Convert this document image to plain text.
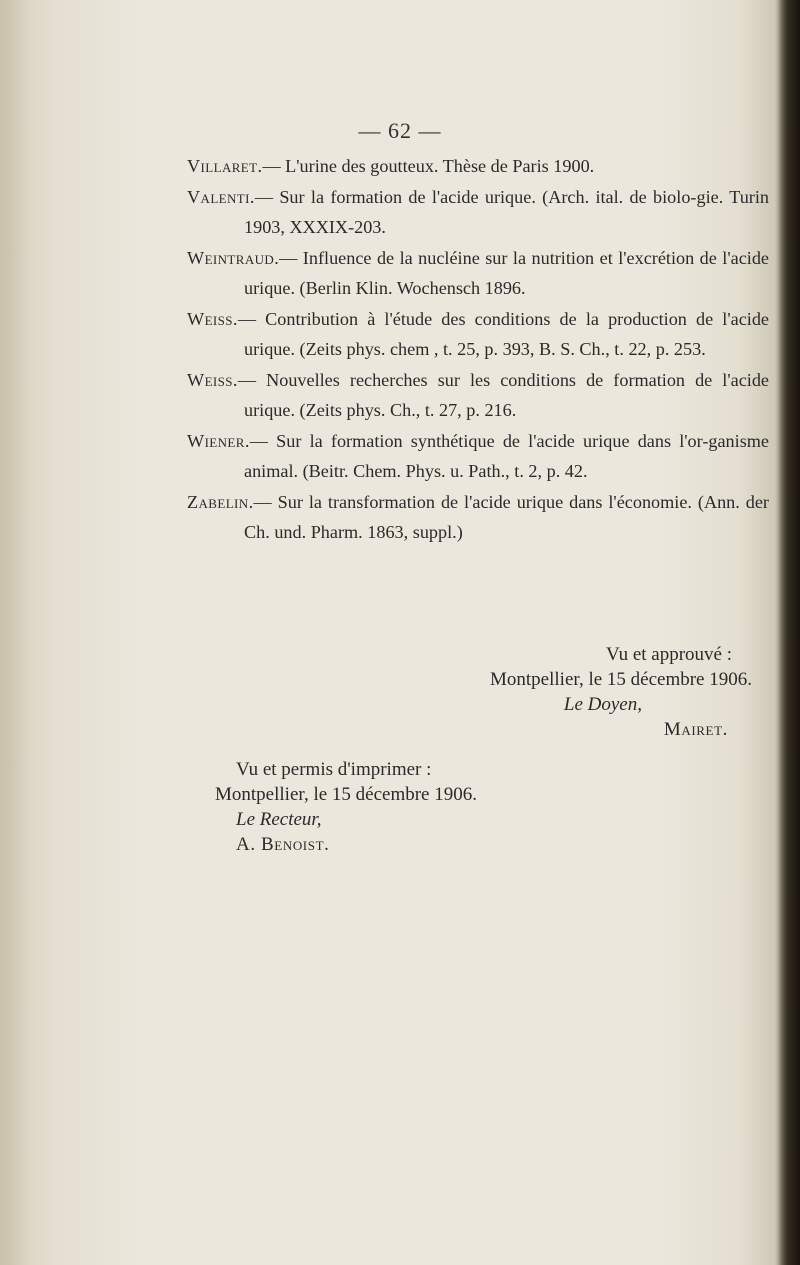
— 62 —

Villaret.— L'urine des goutteux. Thèse de Paris 1900.

Valenti.— Sur la formation de l'acide urique. (Arch. ital. de biolo-gie. Turin 1903, XXXIX-203.

Weintraud.— Influence de la nucléine sur la nutrition et l'excrétion de l'acide urique. (Berlin Klin. Wochensch 1896.

Weiss.— Contribution à l'étude des conditions de la production de l'acide urique. (Zeits phys. chem , t. 25, p. 393, B. S. Ch., t. 22, p. 253.

Weiss.— Nouvelles recherches sur les conditions de formation de l'acide urique. (Zeits phys. Ch., t. 27, p. 216.

Wiener.— Sur la formation synthétique de l'acide urique dans l'or-ganisme animal. (Beitr. Chem. Phys. u. Path., t. 2, p. 42.

Zabelin.— Sur la transformation de l'acide urique dans l'économie. (Ann. der Ch. und. Pharm. 1863, suppl.)

Vu et approuvé :
Montpellier, le 15 décembre 1906.
Le Doyen,
Mairet.
Vu et permis d'imprimer :
Montpellier, le 15 décembre 1906.
Le Recteur,
A. Benoist.
